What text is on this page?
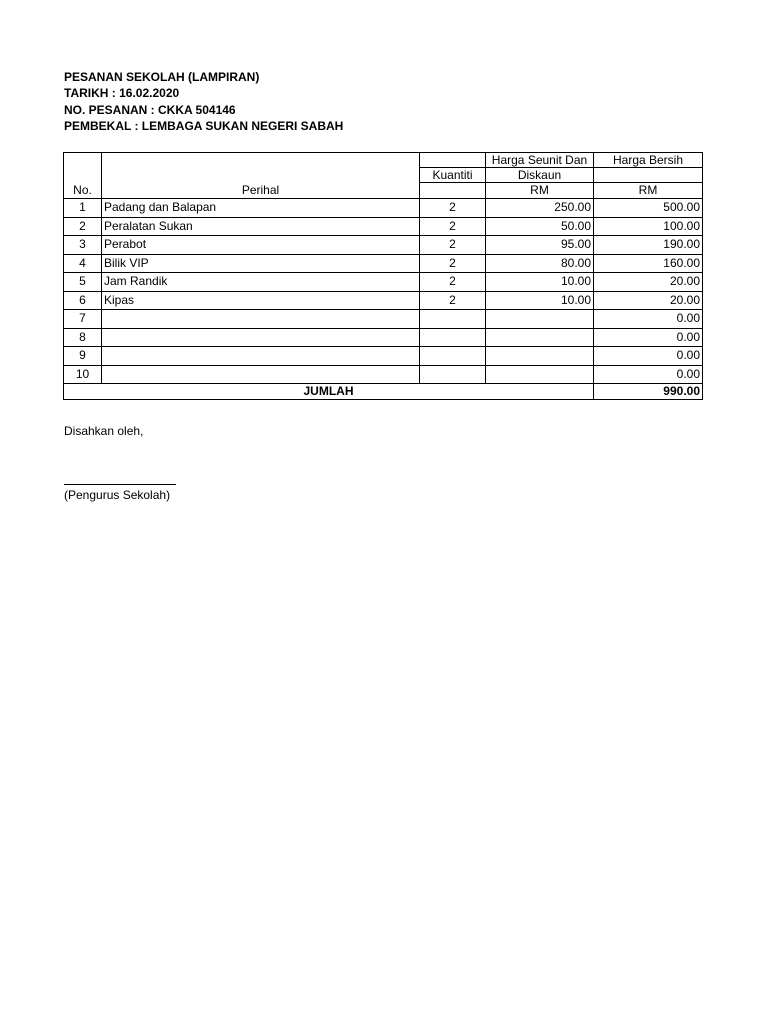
PESANAN SEKOLAH (LAMPIRAN)
TARIKH : 16.02.2020
NO. PESANAN : CKKA 504146
PEMBEKAL : LEMBAGA SUKAN NEGERI SABAH
			Harga Seunit Dan	Harga Bersih
		Kuantiti	Diskaun	
No.	Perihal		RM	RM
1	Padang dan Balapan	2	250.00	500.00
2	Peralatan Sukan	2	50.00	100.00
3	Perabot	2	95.00	190.00
4	Bilik VIP	2	80.00	160.00
5	Jam Randik	2	10.00	20.00
6	Kipas	2	10.00	20.00
7				0.00
8				0.00
9				0.00
10				0.00
JUMLAH				990.00
Disahkan oleh,
(Pengurus Sekolah)
